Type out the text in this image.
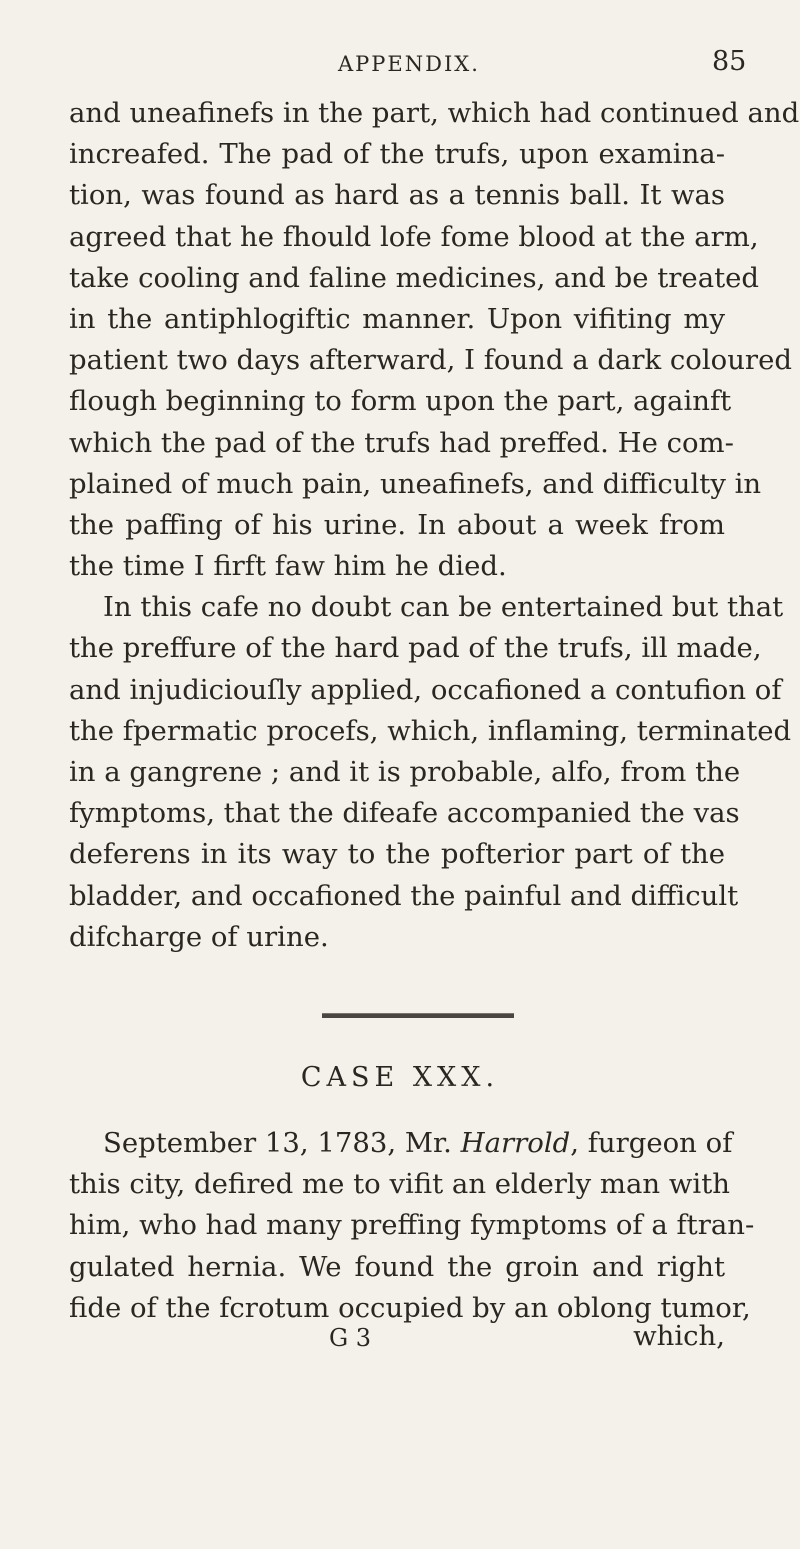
APPENDIX.	85
and uneafinefs in the part, which had continued and
increafed. The pad of the trufs, upon examina-
tion, was found as hard as a tennis ball. It was
agreed that he fhould lofe fome blood at the arm,
take cooling and faline medicines, and be treated
in the antiphlogiftic manner. Upon vifiting my
patient two days afterward, I found a dark coloured
flough beginning to form upon the part, againft
which the pad of the trufs had preffed. He com-
plained of much pain, uneafinefs, and difficulty in
the paffing of his urine. In about a week from
the time I firft faw him he died.
In this cafe no doubt can be entertained but that
the preffure of the hard pad of the trufs, ill made,
and injudiciouſly applied, occafioned a contufion of
the fpermatic procefs, which, inflaming, terminated
in a gangrene ; and it is probable, alfo, from the
fymptoms, that the difeafe accompanied the vas
deferens in its way to the pofterior part of the
bladder, and occafioned the painful and difficult
difcharge of urine.
CASE XXX.
September 13, 1783, Mr. Harrold, furgeon of
this city, defired me to vifit an elderly man with
him, who had many preffing fymptoms of a ftran-
gulated hernia. We found the groin and right
fide of the fcrotum occupied by an oblong tumor,
G 3	which,
